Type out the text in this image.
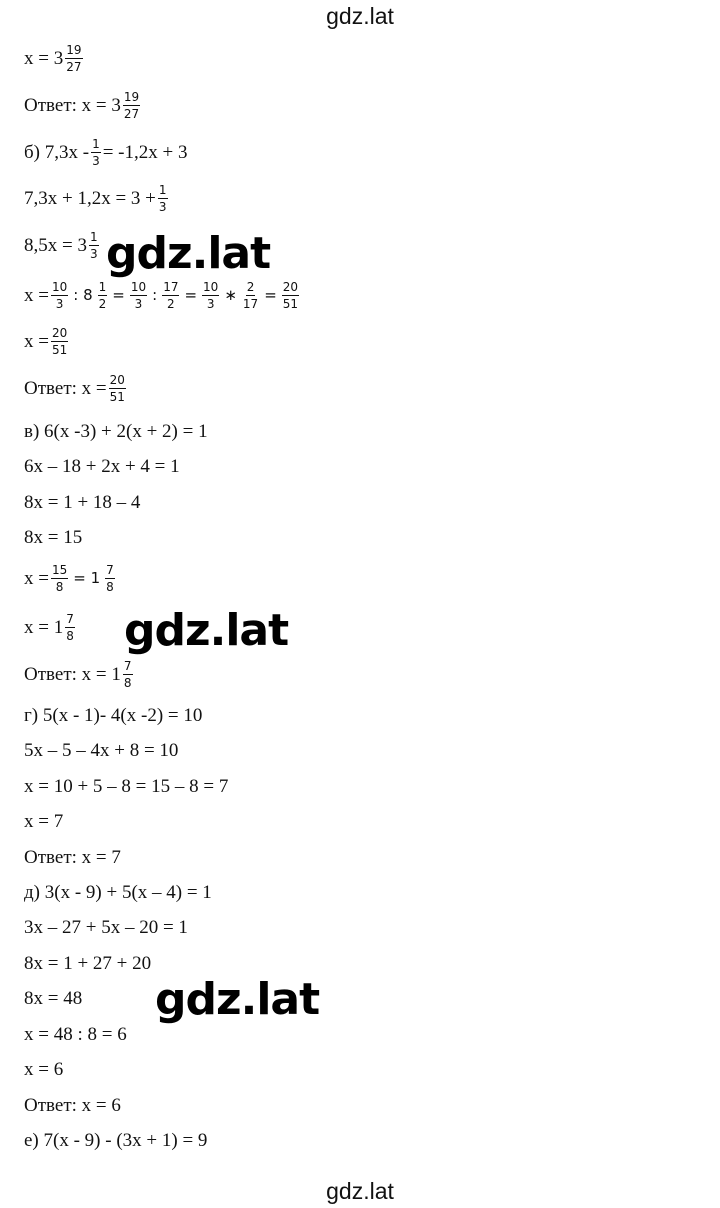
gdz.lat
$x = 3 \frac{19}{27}$
Ответ: $x = 3 \frac{19}{27}$
б) $7,3x - \frac{1}{3} = -1,2x + 3$
$7,3x + 1,2x = 3 + \frac{1}{3}$
$8,5x = 3 \frac{1}{3}$
$x = \frac{10}{3}$ : $8 \frac{1}{2} = \frac{10}{3}$ : $\frac{17}{2} = \frac{10}{3}$ ∗ $\frac{2}{17} = \frac{20}{51}$
$x = \frac{20}{51}$
Ответ: $x = \frac{20}{51}$
в) 6(x -3) + 2(x + 2) = 1
6x – 18 + 2x + 4 = 1
8x = 1 + 18 – 4
8x = 15
$x = \frac{15}{8} = 1 \frac{7}{8}$
$x = 1 \frac{7}{8}$
Ответ: $x = 1 \frac{7}{8}$
г) 5(x - 1)- 4(x -2) = 10
5x – 5 – 4x + 8 = 10
x = 10 + 5 – 8 = 15 – 8 = 7
x = 7
Ответ: x = 7
д) 3(x - 9) + 5(x – 4) = 1
3x – 27 + 5x – 20 = 1
8x = 1 + 27 + 20
8x = 48
x = 48 : 8 = 6
x = 6
Ответ: x = 6
е) 7(x - 9) - (3x + 1) = 9
gdz.lat
gdz.lat
gdz.lat
gdz.lat
